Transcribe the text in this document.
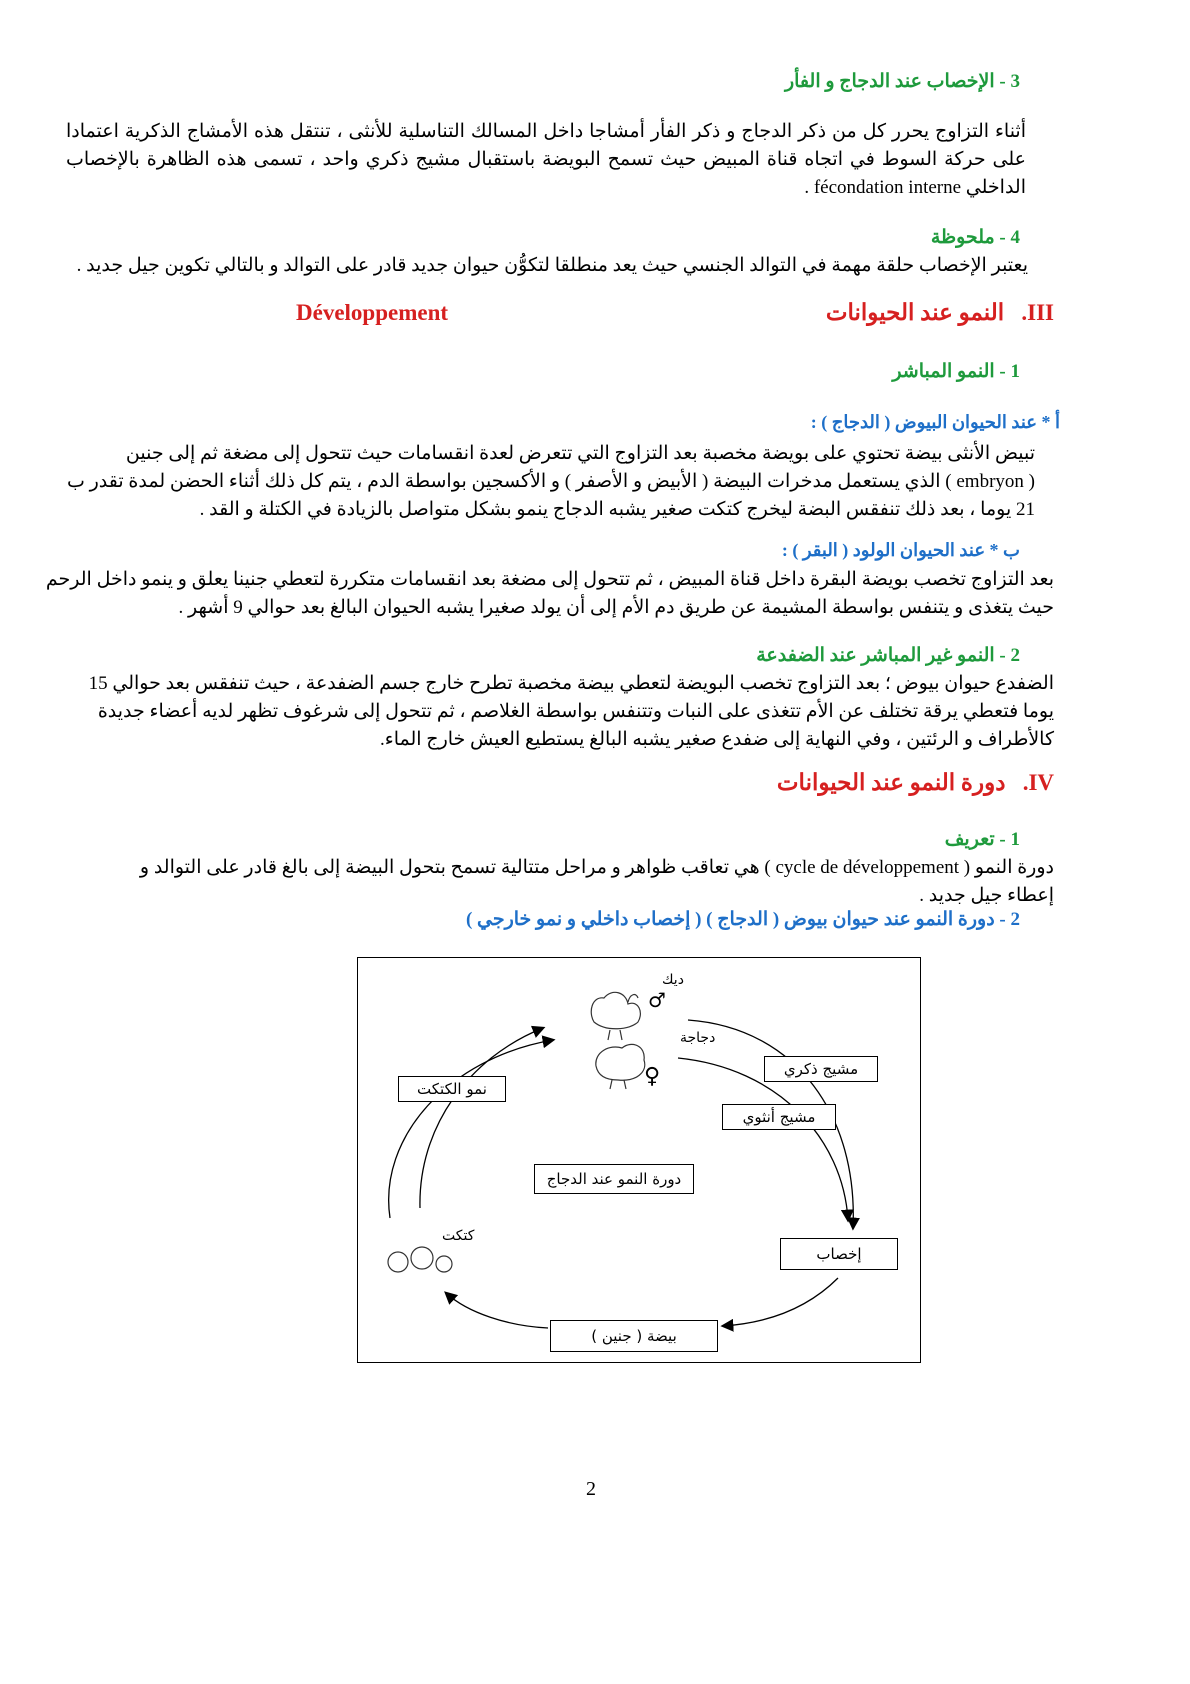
3 - الإخصاب عند الدجاج و الفأر
أثناء التزاوج يحرر كل من ذكر الدجاج و ذكر الفأر أمشاجا داخل المسالك التناسلية للأنثى ، تنتقل هذه الأمشاج الذكرية اعتمادا على حركة السوط في اتجاه قناة المبيض حيث تسمح البويضة باستقبال مشيج ذكري واحد ، تسمى هذه الظاهرة بالإخصاب الداخلي fécondation interne .
4 - ملحوظة
يعتبر الإخصاب حلقة مهمة في التوالد الجنسي حيث يعد منطلقا لتكوُّن حيوان جديد قادر على التوالد و بالتالي تكوين جيل جديد .
III.   النمو عند الحيوانات
Développement
1 - النمو المباشر
أ * عند الحيوان البيوض ( الدجاج ) :
تبيض الأنثى بيضة تحتوي على بويضة مخصبة بعد التزاوج التي تتعرض لعدة انقسامات حيث تتحول إلى مضغة ثم إلى جنين
( embryon ) الذي يستعمل مدخرات البيضة ( الأبيض و الأصفر ) و الأكسجين بواسطة الدم ، يتم كل ذلك أثناء الحضن لمدة تقدر ب
21 يوما ، بعد ذلك تنفقس البضة ليخرج كتكت صغير يشبه الدجاج ينمو بشكل متواصل بالزيادة في الكتلة و القد .
ب * عند الحيوان الولود ( البقر ) :
بعد التزاوج تخصب بويضة البقرة داخل قناة المبيض ، ثم تتحول إلى مضغة بعد انقسامات متكررة لتعطي جنينا يعلق و ينمو داخل الرحم
حيث يتغذى و يتنفس بواسطة المشيمة عن طريق دم الأم إلى أن يولد صغيرا يشبه الحيوان البالغ بعد حوالي 9 أشهر .
2 - النمو غير المباشر عند الضفدعة
الضفدع حيوان بيوض ؛ بعد التزاوج تخصب البويضة لتعطي بيضة مخصبة تطرح خارج جسم الضفدعة ، حيث تنفقس بعد حوالي 15
يوما فتعطي يرقة تختلف عن الأم تتغذى على النبات وتتنفس بواسطة الغلاصم ، ثم تتحول إلى شرغوف تظهر لديه أعضاء جديدة
كالأطراف و الرئتين ، وفي النهاية إلى ضفدع صغير يشبه البالغ يستطيع العيش خارج الماء.
IV.   دورة النمو عند الحيوانات
1 - تعريف
دورة النمو ( cycle de développement ) هي تعاقب ظواهر و مراحل متتالية تسمح بتحول البيضة إلى بالغ قادر على التوالد و
إعطاء جيل جديد .
2 - دورة النمو عند حيوان بيوض ( الدجاج ) ( إخصاب داخلي و نمو خارجي )
ديك
♂
دجاجة
♀
كتكت
نمو الكتكت
مشيج ذكري
مشيج أنثوي
دورة النمو عند الدجاج
إخصاب
بيضة ( جنين )
2
